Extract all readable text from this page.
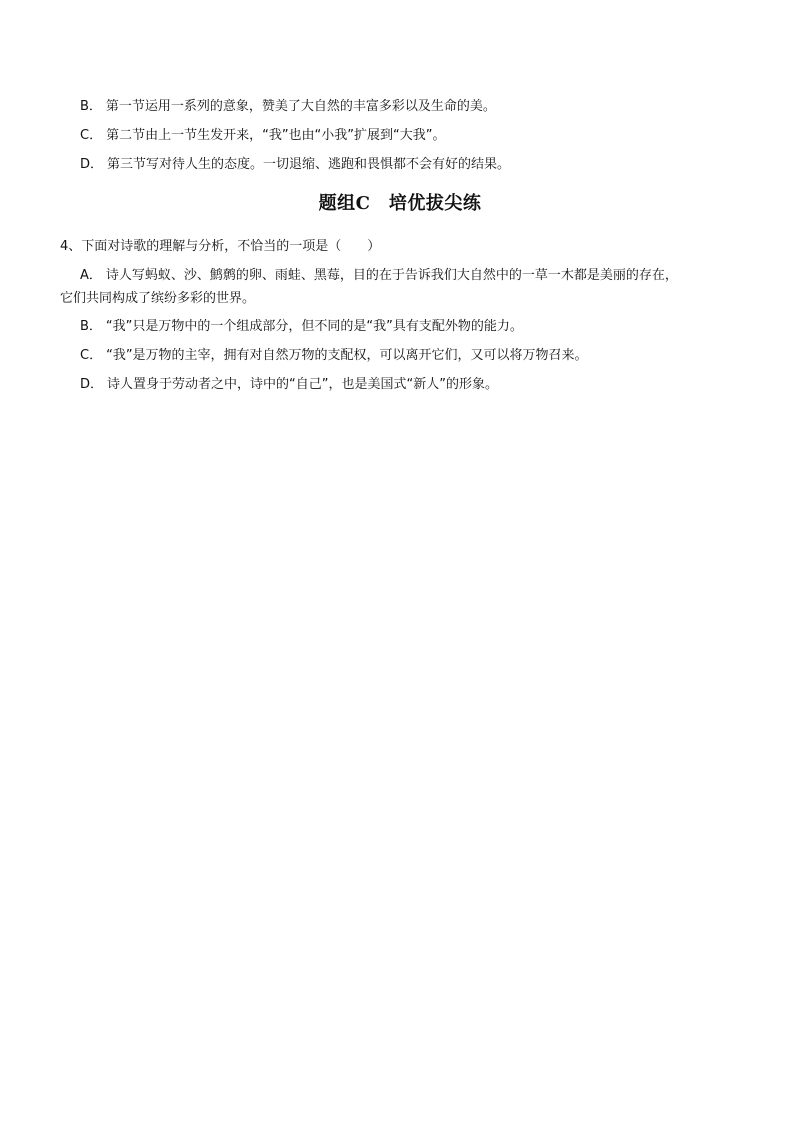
B． 第一节运用一系列的意象，赞美了大自然的丰富多彩以及生命的美。
C． 第二节由上一节生发开来，“我”也由“小我”扩展到“大我”。
D． 第三节写对待人生的态度。一切退缩、逃跑和畏惧都不会有好的结果。
题组C　培优拔尖练
4、下面对诗歌的理解与分析，不恰当的一项是（　　）
A． 诗人写蚂蚁、沙、鹪鹩的卵、雨蛙、黑莓，目的在于告诉我们大自然中的一草一木都是美丽的存在，
它们共同构成了缤纷多彩的世界。
B． “我”只是万物中的一个组成部分，但不同的是“我”具有支配外物的能力。
C． “我”是万物的主宰，拥有对自然万物的支配权，可以离开它们，又可以将万物召来。
D． 诗人置身于劳动者之中，诗中的“自己”，也是美国式“新人”的形象。
